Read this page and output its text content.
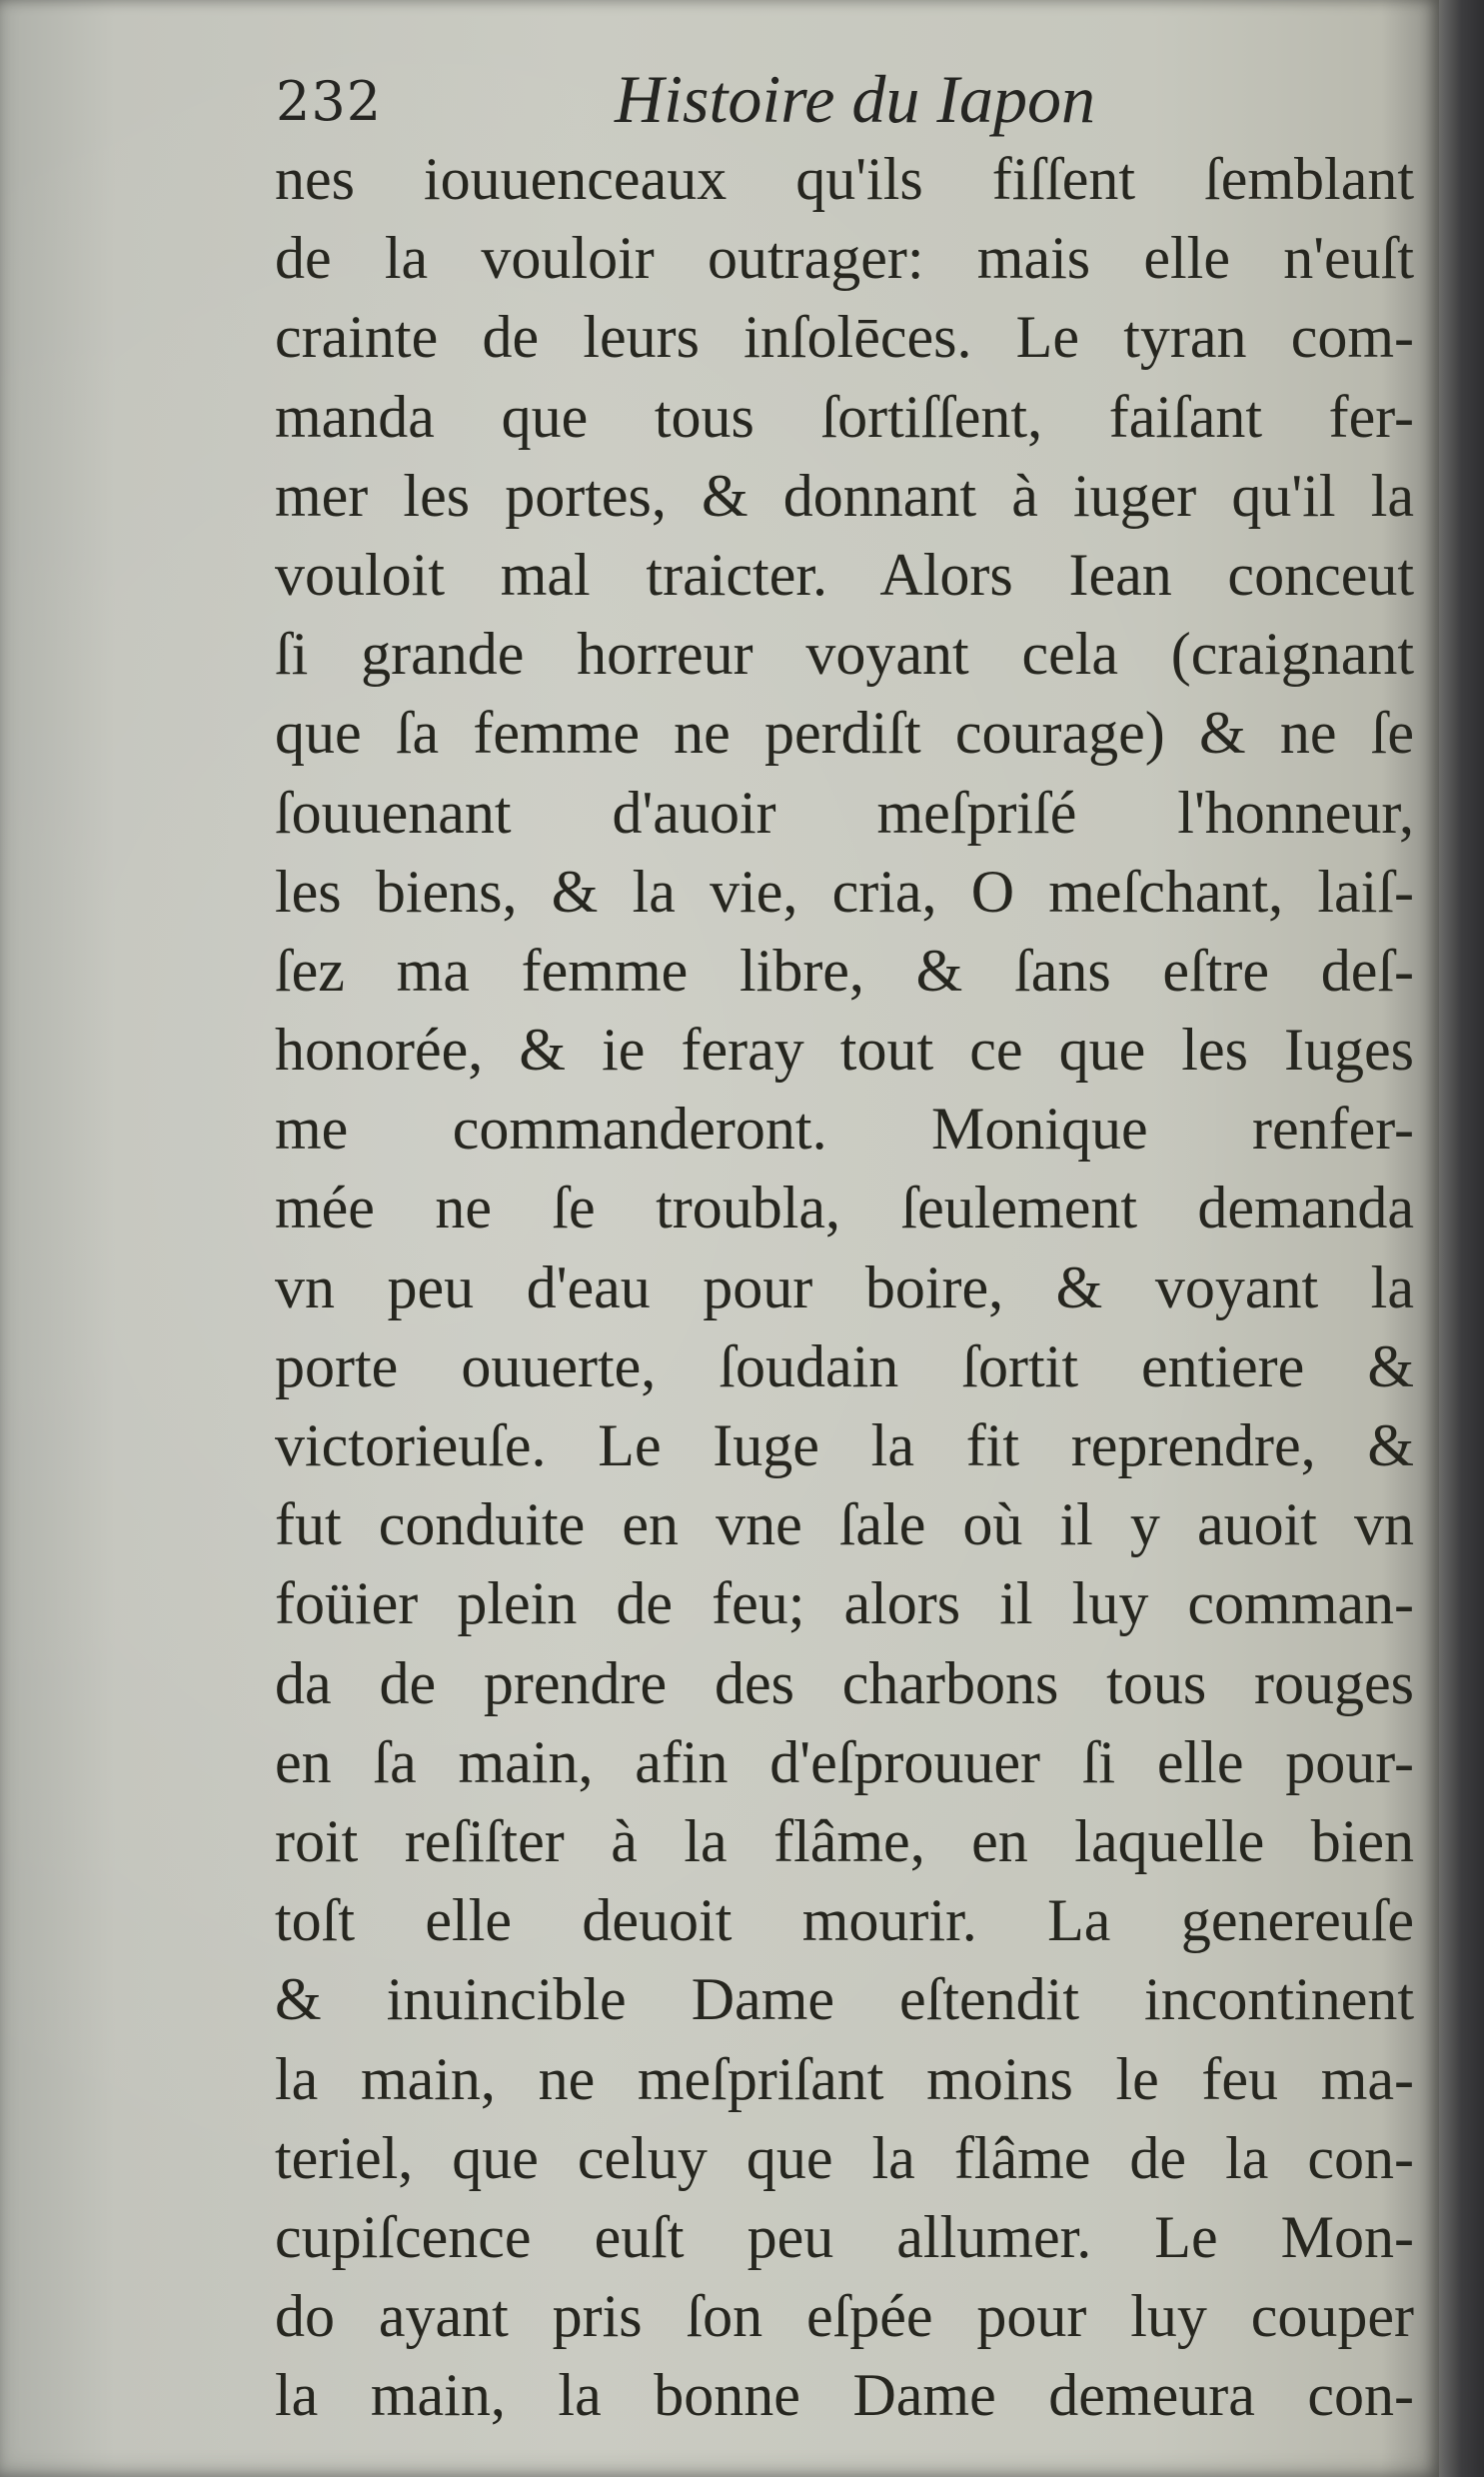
232	Histoire du Iapon
nes iouuenceaux qu'ils fiſſent ſemblant
de la vouloir outrager: mais elle n'euſt
crainte de leurs inſolēces. Le tyran com-
manda que tous ſortiſſent, faiſant fer-
mer les portes, & donnant à iuger qu'il la
vouloit mal traicter. Alors Iean conceut
ſi grande horreur voyant cela (craignant
que ſa femme ne perdiſt courage) & ne ſe
ſouuenant d'auoir meſpriſé l'honneur,
les biens, & la vie, cria, O meſchant, laiſ-
ſez ma femme libre, & ſans eſtre deſ-
honorée, & ie feray tout ce que les Iuges
me commanderont. Monique renfer-
mée ne ſe troubla, ſeulement demanda
vn peu d'eau pour boire, & voyant la
porte ouuerte, ſoudain ſortit entiere &
victorieuſe. Le Iuge la fit reprendre, &
fut conduite en vne ſale où il y auoit vn
foüier plein de feu; alors il luy comman-
da de prendre des charbons tous rouges
en ſa main, afin d'eſprouuer ſi elle pour-
roit reſiſter à la flâme, en laquelle bien
toſt elle deuoit mourir. La genereuſe
& inuincible Dame eſtendit incontinent
la main, ne meſpriſant moins le feu ma-
teriel, que celuy que la flâme de la con-
cupiſcence euſt peu allumer. Le Mon-
do ayant pris ſon eſpée pour luy couper
la main, la bonne Dame demeura con-
